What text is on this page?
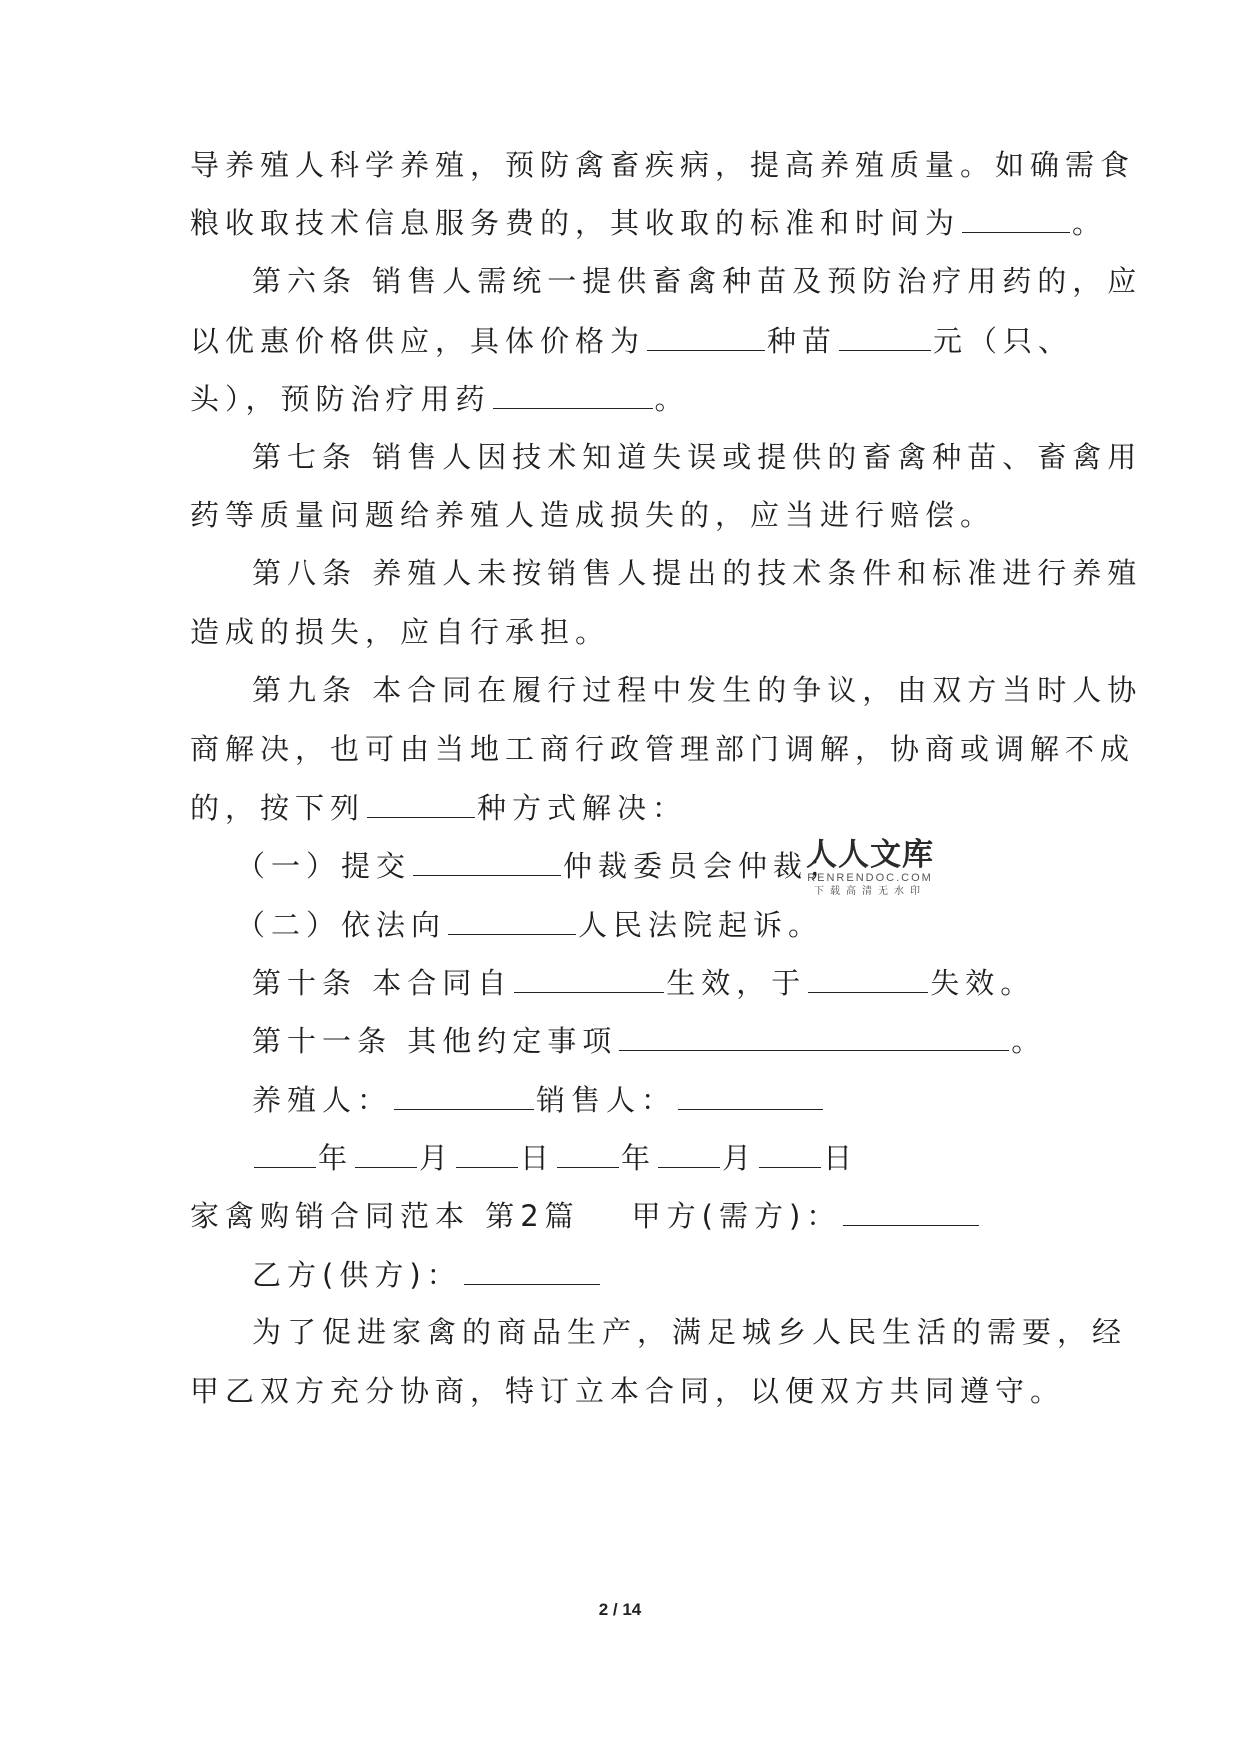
导养殖人科学养殖，预防禽畜疾病，提高养殖质量。如确需食
粮收取技术信息服务费的，其收取的标准和时间为	。
第六条 销售人需统一提供畜禽种苗及预防治疗用药的，应
以优惠价格供应，具体价格为	种苗	元（只、
头），预防治疗用药	。
第七条 销售人因技术知道失误或提供的畜禽种苗、畜禽用
药等质量问题给养殖人造成损失的，应当进行赔偿。
第八条 养殖人未按销售人提出的技术条件和标准进行养殖
造成的损失，应自行承担。
第九条 本合同在履行过程中发生的争议，由双方当时人协
商解决，也可由当地工商行政管理部门调解，协商或调解不成
的，按下列	种方式解决：
（一）提交	仲裁委员会仲裁；
（二）依法向	人民法院起诉。
第十条 本合同自	生效，于	失效。
第十一条 其他约定事项	。
养殖人：	销售人：
年 月 日 年 月 日
家禽购销合同范本 第2篇 甲方(需方)：
乙方(供方)：
为了促进家禽的商品生产，满足城乡人民生活的需要，经
甲乙双方充分协商，特订立本合同，以便双方共同遵守。
人人文库
RENRENDOC.COM
下载高清无水印
2 / 14
